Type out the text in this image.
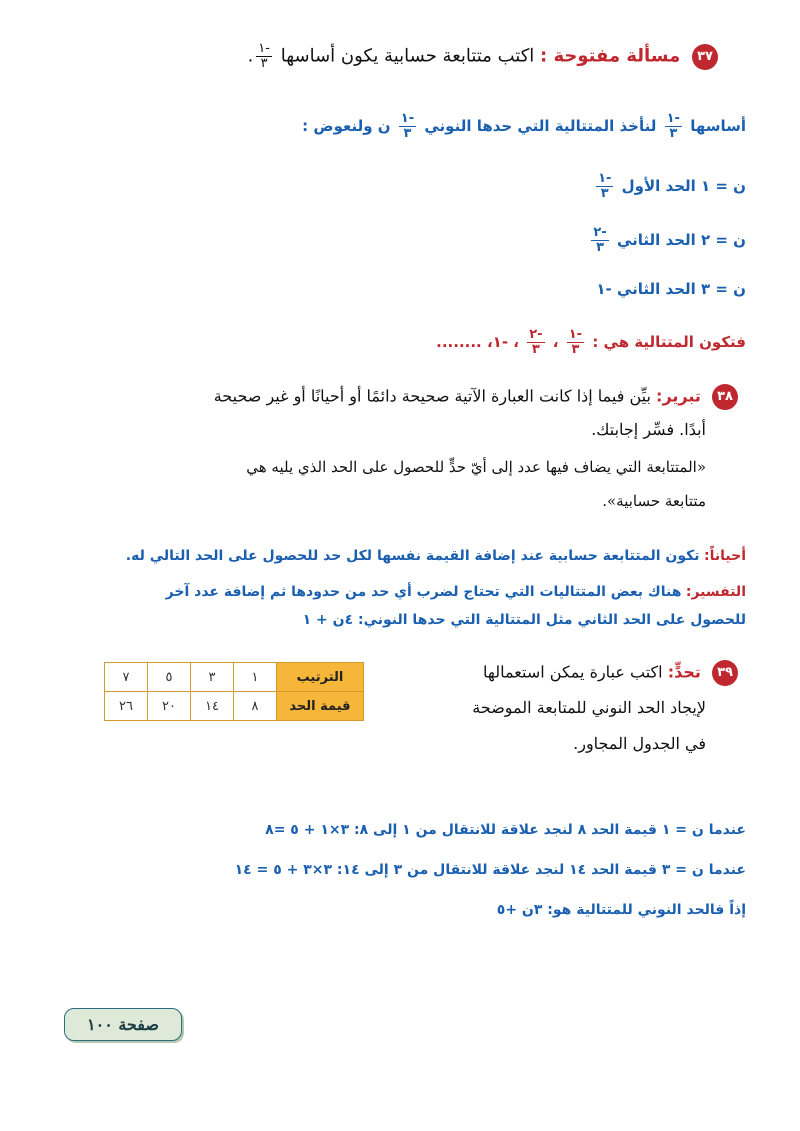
٣٧ مسألة مفتوحة : اكتب متتابعة حسابية يكون أساسها
$\frac{-١}{٣}$
.
أساسها
$\frac{-١}{٣}$
لنأخذ المتتالية التي حدها النوني
$\frac{-١}{٣}$
ن ولنعوض :
ن = ١ الحد الأول
$\frac{-١}{٣}$
ن = ٢ الحد الثاني
$\frac{-٢}{٣}$
ن = ٣ الحد الثاني -١
فتكون المتتالية هي :
$\frac{-١}{٣}$
،
$\frac{-٢}{٣}$
، -١، ........
٣٨ تبرير: بيِّن فيما إذا كانت العبارة الآتية صحيحة دائمًا أو أحيانًا أو غير صحيحة
أبدًا. فسِّر إجابتك.
«المتتابعة التي يضاف فيها عدد إلى أيّ حدٍّ للحصول على الحد الذي يليه هي
متتابعة حسابية».
أحياناً: تكون المتتابعة حسابية عند إضافة القيمة نفسها لكل حد للحصول على الحد التالي له.
التفسير: هناك بعض المتتاليات التي تحتاج لضرب أي حد من حدودها ثم إضافة عدد آخر
للحصول على الحد الثاني مثل المتتالية التي حدها النوني: ٤ن + ١
٣٩ تحدٍّ: اكتب عبارة يمكن استعمالها
لإيجاد الحد النوني للمتابعة الموضحة
في الجدول المجاور.
الترتيب	١	٣	٥	٧
قيمة الحد	٨	١٤	٢٠	٢٦
عندما ن = ١ قيمة الحد ٨ لنجد علاقة للانتقال من ١ إلى ٨: ٣×١ + ٥ =٨
عندما ن = ٣ قيمة الحد ١٤ لنجد علاقة للانتقال من ٣ إلى ١٤: ٣×٣ + ٥ = ١٤
إذاً فالحد النوني للمتتالية هو: ٣ن +٥
صفحة ١٠٠
